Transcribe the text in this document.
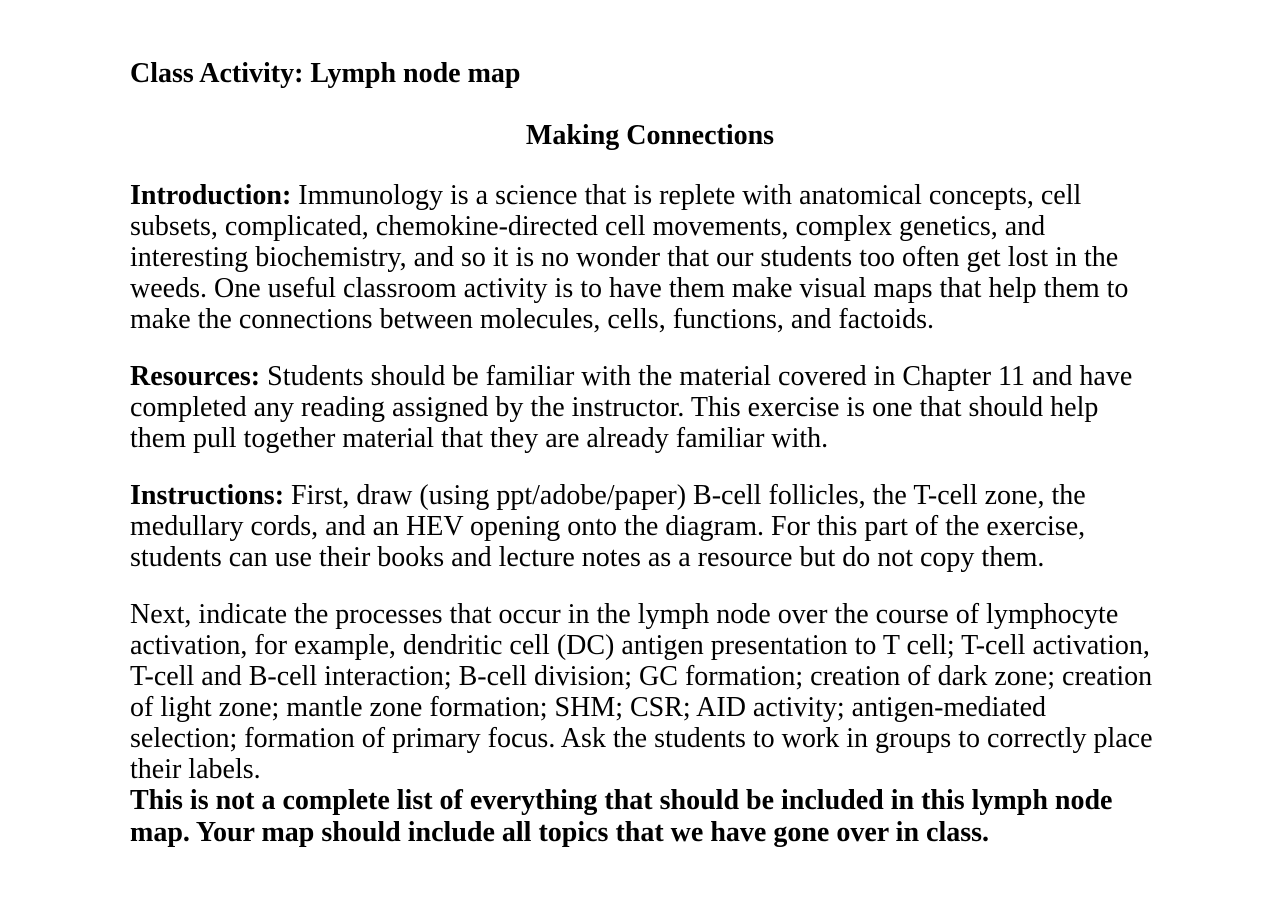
Class Activity: Lymph node map
Making Connections

Introduction: Immunology is a science that is replete with anatomical concepts, cell subsets, complicated, chemokine-directed cell movements, complex genetics, and interesting biochemistry, and so it is no wonder that our students too often get lost in the weeds. One useful classroom activity is to have them make visual maps that help them to make the connections between molecules, cells, functions, and factoids.

Resources: Students should be familiar with the material covered in Chapter 11 and have completed any reading assigned by the instructor. This exercise is one that should help them pull together material that they are already familiar with.

Instructions: First, draw (using ppt/adobe/paper) B-cell follicles, the T-cell zone, the medullary cords, and an HEV opening onto the diagram. For this part of the exercise, students can use their books and lecture notes as a resource but do not copy them.

Next, indicate the processes that occur in the lymph node over the course of lymphocyte activation, for example, dendritic cell (DC) antigen presentation to T cell; T-cell activation, T-cell and B-cell interaction; B-cell division; GC formation; creation of dark zone; creation of light zone; mantle zone formation; SHM; CSR; AID activity; antigen-mediated selection; formation of primary focus. Ask the students to work in groups to correctly place their labels.

This is not a complete list of everything that should be included in this lymph node map. Your map should include all topics that we have gone over in class.
